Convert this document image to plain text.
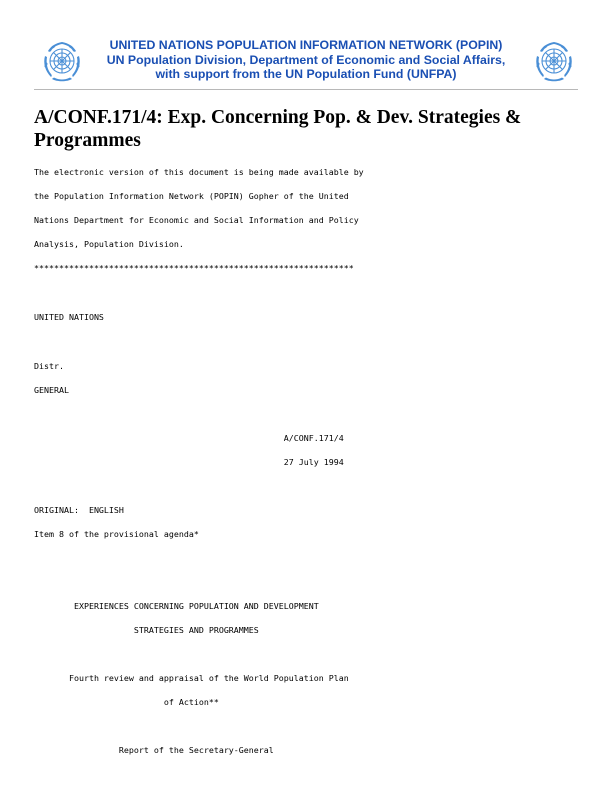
UNITED NATIONS POPULATION INFORMATION NETWORK (POPIN)
UN Population Division, Department of Economic and Social Affairs,
with support from the UN Population Fund (UNFPA)
A/CONF.171/4: Exp. Concerning Pop. & Dev. Strategies & Programmes
The electronic version of this document is being made available by
the Population Information Network (POPIN) Gopher of the United
Nations Department for Economic and Social Information and Policy
Analysis, Population Division.
****************************************************************
UNITED NATIONS
Distr.
GENERAL
A/CONF.171/4
27 July 1994
ORIGINAL:  ENGLISH
Item 8 of the provisional agenda*
EXPERIENCES CONCERNING POPULATION AND DEVELOPMENT
STRATEGIES AND PROGRAMMES
Fourth review and appraisal of the World Population Plan
of Action**
Report of the Secretary-General
